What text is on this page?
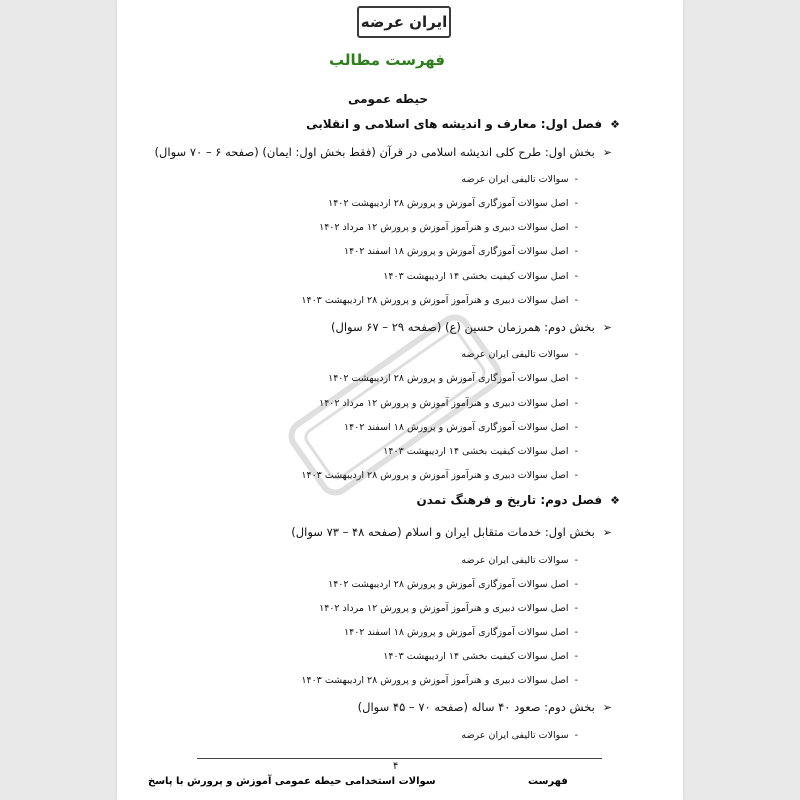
ایران عرضه
فهرست مطالب
حیطه عمومی
❖فصل اول: معارف و اندیشه های اسلامی و انقلابی
➢بخش اول: طرح کلی اندیشه اسلامی در قرآن (فقط بخش اول: ایمان) (صفحه ۶ – ۷۰ سوال)
-سوالات تالیفی ایران عرضه
-اصل سوالات آموزگاری آموزش و پرورش ۲۸ اردیبهشت ۱۴۰۲
-اصل سوالات دبیری و هنرآموز آموزش و پرورش ۱۲ مرداد ۱۴۰۲
-اصل سوالات آموزگاری آموزش و پرورش ۱۸ اسفند ۱۴۰۲
-اصل سوالات کیفیت بخشی ۱۴ اردیبهشت ۱۴۰۳
-اصل سوالات دبیری و هنرآموز آموزش و پرورش ۲۸ اردیبهشت ۱۴۰۳
➢بخش دوم: همرزمان حسین (ع) (صفحه ۲۹ – ۶۷ سوال)
-سوالات تالیفی ایران عرضه
-اصل سوالات آموزگاری آموزش و پرورش ۲۸ اردیبهشت ۱۴۰۲
-اصل سوالات دبیری و هنرآموز آموزش و پرورش ۱۲ مرداد ۱۴۰۲
-اصل سوالات آموزگاری آموزش و پرورش ۱۸ اسفند ۱۴۰۲
-اصل سوالات کیفیت بخشی ۱۴ اردیبهشت ۱۴۰۳
-اصل سوالات دبیری و هنرآموز آموزش و پرورش ۲۸ اردیبهشت ۱۴۰۳
❖فصل دوم: تاریخ و فرهنگ تمدن
➢بخش اول: خدمات متقابل ایران و اسلام (صفحه ۴۸ – ۷۳ سوال)
-سوالات تالیفی ایران عرضه
-اصل سوالات آموزگاری آموزش و پرورش ۲۸ اردیبهشت ۱۴۰۲
-اصل سوالات دبیری و هنرآموز آموزش و پرورش ۱۲ مرداد ۱۴۰۲
-اصل سوالات آموزگاری آموزش و پرورش ۱۸ اسفند ۱۴۰۲
-اصل سوالات کیفیت بخشی ۱۴ اردیبهشت ۱۴۰۳
-اصل سوالات دبیری و هنرآموز آموزش و پرورش ۲۸ اردیبهشت ۱۴۰۳
➢بخش دوم: صعود ۴۰ ساله (صفحه ۷۰ – ۴۵ سوال)
-سوالات تالیفی ایران عرضه
۴
سوالات استخدامی حیطه عمومی آموزش و پرورش با پاسخ	فهرست
